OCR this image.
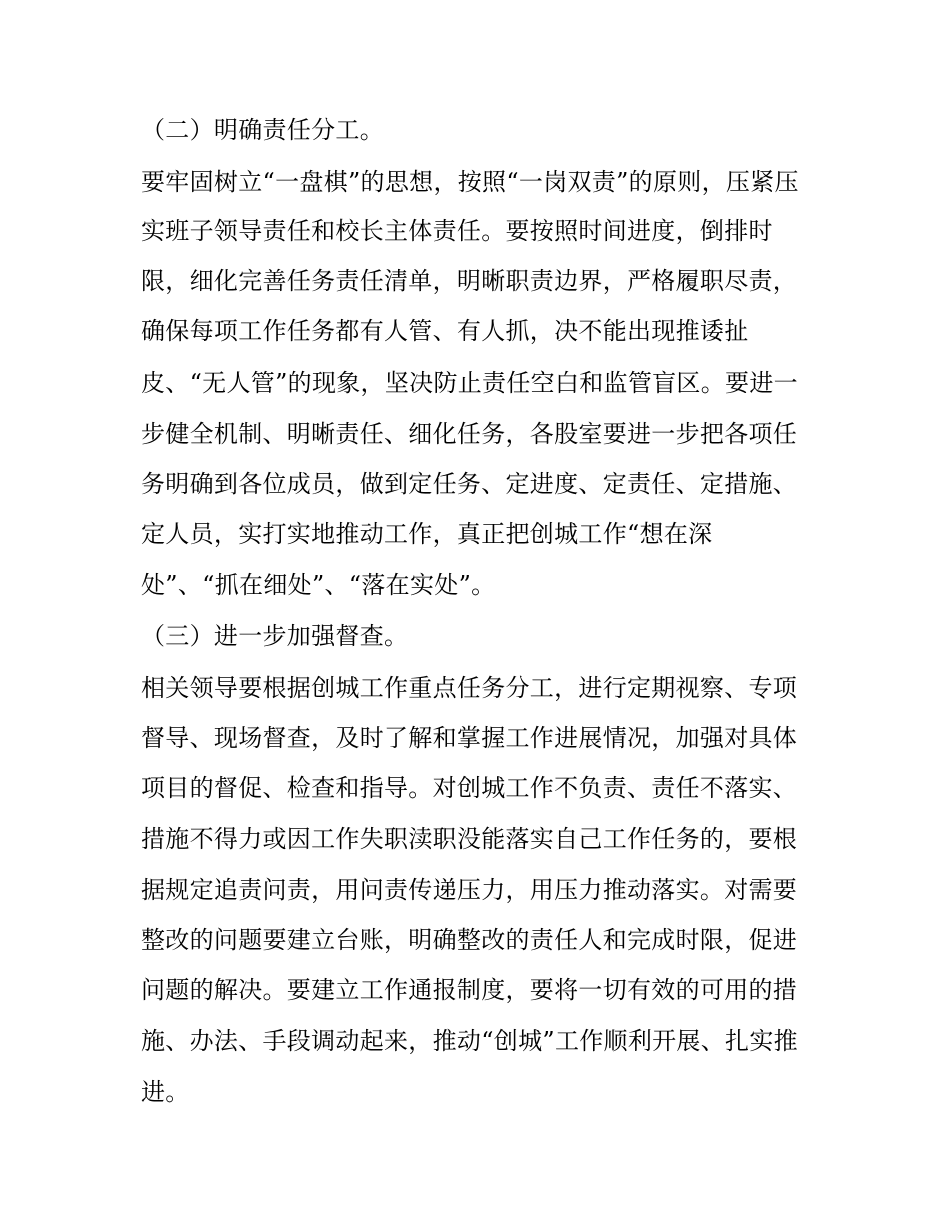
（二）明确责任分工。
要牢固树立“一盘棋”的思想，按照“一岗双责”的原则，压紧压
实班子领导责任和校长主体责任。要按照时间进度，倒排时
限，细化完善任务责任清单，明晰职责边界，严格履职尽责，
确保每项工作任务都有人管、有人抓，决不能出现推诿扯
皮、“无人管”的现象，坚决防止责任空白和监管盲区。要进一
步健全机制、明晰责任、细化任务，各股室要进一步把各项任
务明确到各位成员，做到定任务、定进度、定责任、定措施、
定人员，实打实地推动工作，真正把创城工作“想在深
处”、“抓在细处”、“落在实处”。
（三）进一步加强督查。
相关领导要根据创城工作重点任务分工，进行定期视察、专项
督导、现场督查，及时了解和掌握工作进展情况，加强对具体
项目的督促、检查和指导。对创城工作不负责、责任不落实、
措施不得力或因工作失职渎职没能落实自己工作任务的，要根
据规定追责问责，用问责传递压力，用压力推动落实。对需要
整改的问题要建立台账，明确整改的责任人和完成时限，促进
问题的解决。要建立工作通报制度，要将一切有效的可用的措
施、办法、手段调动起来，推动“创城”工作顺利开展、扎实推
进。
